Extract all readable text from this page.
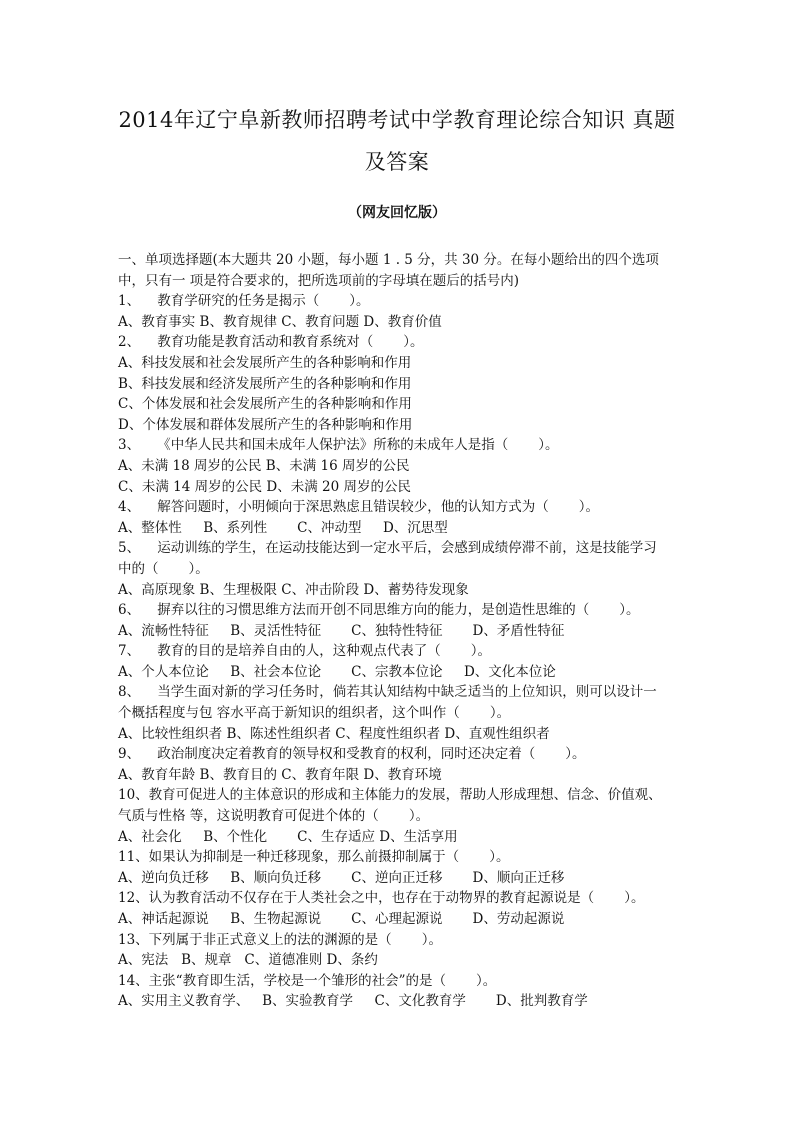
2014年辽宁阜新教师招聘考试中学教育理论综合知识 真题
及答案
（网友回忆版）
一、单项选择题(本大题共 20 小题，每小题 1 . 5 分，共 30 分。在每小题给出的四个选项
中，只有一 项是符合要求的，把所选项前的字母填在题后的括号内)
1、    教育学研究的任务是揭示（       ）。
A、教育事实 B、教育规律 C、教育问题 D、教育价值
2、    教育功能是教育活动和教育系统对（       ）。
A、科技发展和社会发展所产生的各种影响和作用
B、科技发展和经济发展所产生的各种影响和作用
C、个体发展和社会发展所产生的各种影响和作用
D、个体发展和群体发展所产生的各种影响和作用
3、    《中华人民共和国未成年人保护法》所称的未成年人是指（       ）。
A、未满 18 周岁的公民 B、未满 16 周岁的公民
C、未满 14 周岁的公民 D、未满 20 周岁的公民
4、    解答问题时，小明倾向于深思熟虑且错误较少，他的认知方式为（       ）。
A、整体性     B、系列性       C、冲动型     D、沉思型
5、    运动训练的学生，在运动技能达到一定水平后，会感到成绩停滞不前，这是技能学习
中的（       ）。
A、高原现象 B、生理极限 C、冲击阶段 D、蓄势待发现象
6、    摒弃以往的习惯思维方法而开创不同思维方向的能力，是创造性思维的（       ）。
A、流畅性特征     B、灵活性特征       C、独特性特征       D、矛盾性特征
7、    教育的目的是培养自由的人，这种观点代表了（       ）。
A、个人本位论     B、社会本位论       C、宗教本位论     D、文化本位论
8、    当学生面对新的学习任务时，倘若其认知结构中缺乏适当的上位知识，则可以设计一
个概括程度与包 容水平高于新知识的组织者，这个叫作（       ）。
A、比较性组织者 B、陈述性组织者 C、程度性组织者 D、直观性组织者
9、    政治制度决定着教育的领导权和受教育的权利，同时还决定着（       ）。
A、教育年龄 B、教育目的 C、教育年限 D、教育环境
10、教育可促进人的主体意识的形成和主体能力的发展，帮助人形成理想、信念、价值观、
气质与性格 等，这说明教育可促进个体的（       ）。
A、社会化     B、个性化       C、生存适应 D、生活享用
11、如果认为抑制是一种迁移现象，那么前摄抑制属于（       ）。
A、逆向负迁移     B、顺向负迁移       C、逆向正迁移       D、顺向正迁移
12、认为教育活动不仅存在于人类社会之中，也存在于动物界的教育起源说是（       ）。
A、神话起源说     B、生物起源说       C、心理起源说       D、劳动起源说
13、下列属于非正式意义上的法的渊源的是（       ）。
A、宪法   B、规章   C、道德准则 D、条约
14、主张“教育即生活，学校是一个雏形的社会”的是（       ）。
A、实用主义教育学、   B、实验教育学     C、文化教育学       D、批判教育学
